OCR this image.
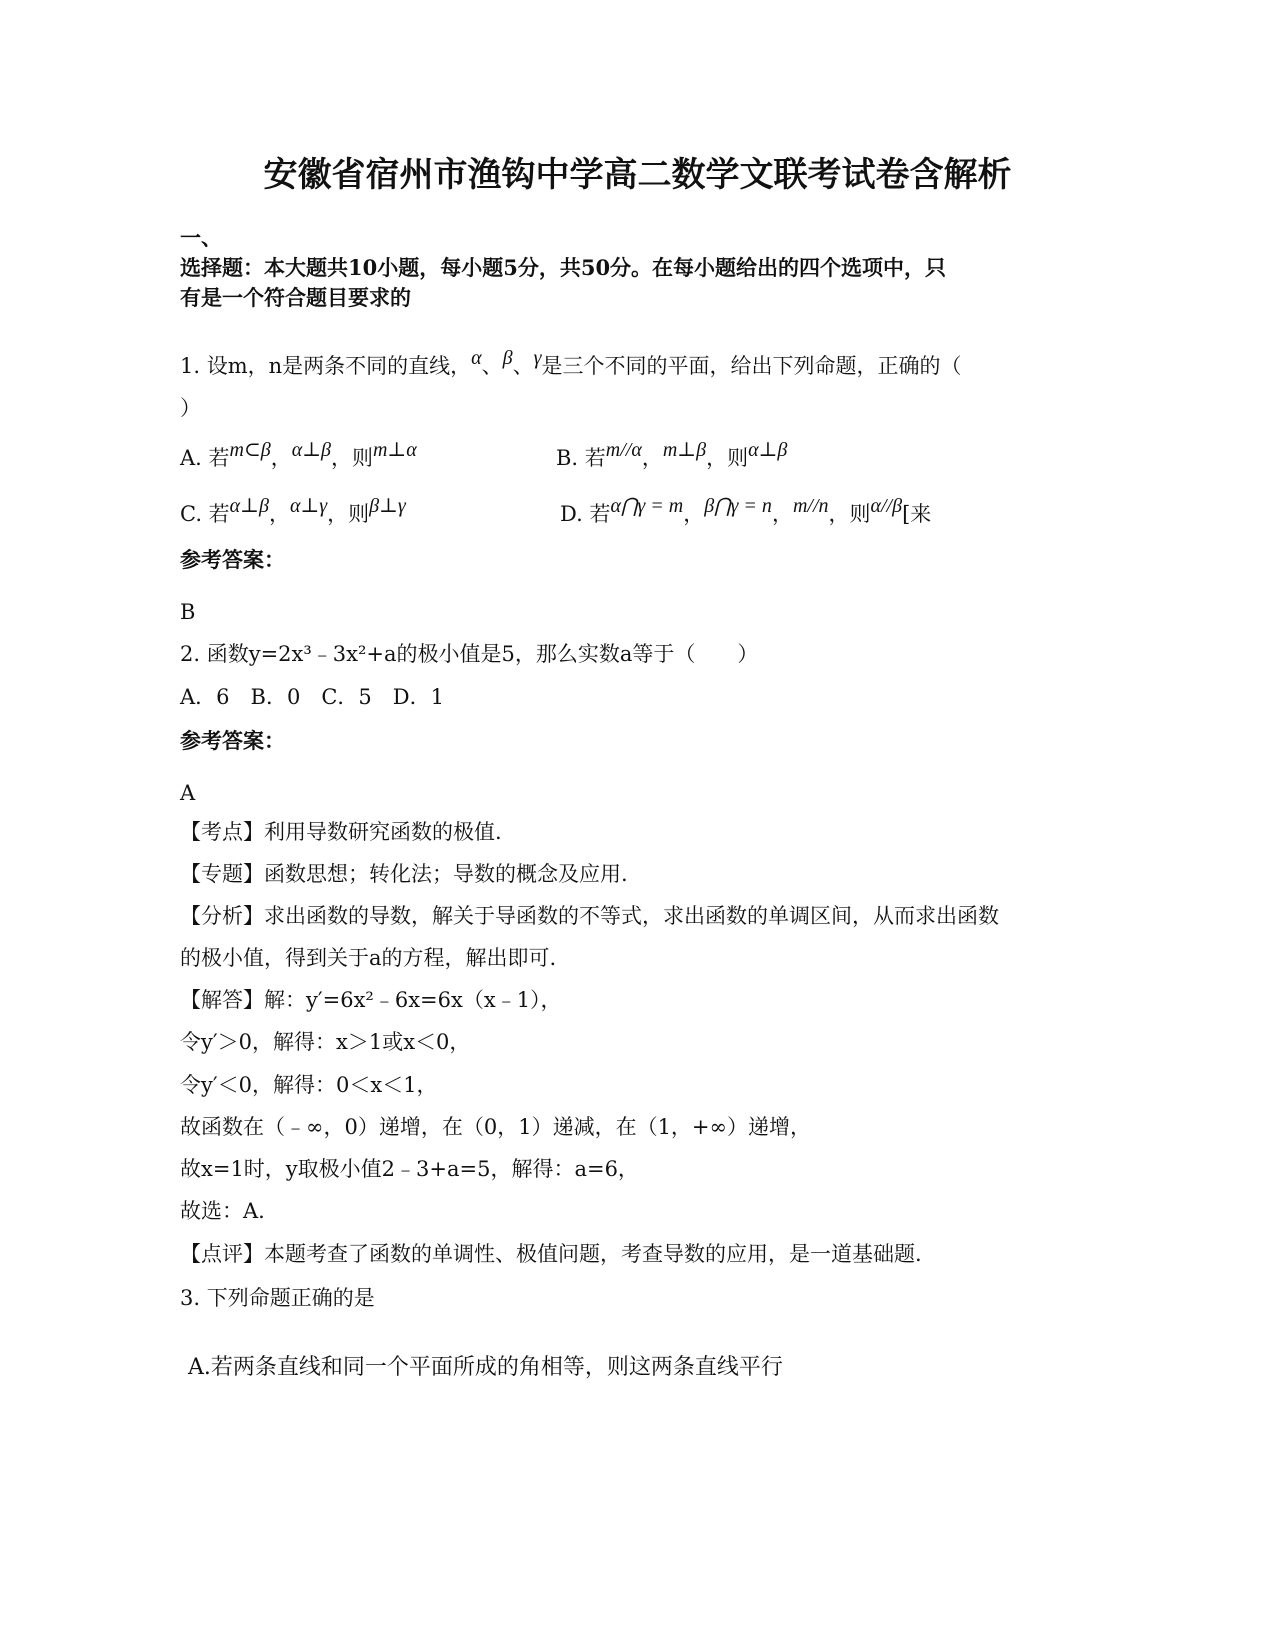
安徽省宿州市渔钩中学高二数学文联考试卷含解析
一、
选择题：本大题共10小题，每小题5分，共50分。在每小题给出的四个选项中，只
有是一个符合题目要求的
1. 设m，n是两条不同的直线，α、β、γ是三个不同的平面，给出下列命题，正确的（
）
A. 若m⊂β，α⊥β，则m⊥α	B. 若m//α，m⊥β，则α⊥β
C. 若α⊥β，α⊥γ，则β⊥γ	D. 若α⋂γ = m，β⋂γ = n，m//n，则α//β[来
参考答案：
B
2. 函数y=2x³﹣3x²+a的极小值是5，那么实数a等于（　　）
A．6　B．0　C．5　D．1
参考答案：
A
【考点】利用导数研究函数的极值.
【专题】函数思想；转化法；导数的概念及应用.
【分析】求出函数的导数，解关于导函数的不等式，求出函数的单调区间，从而求出函数
的极小值，得到关于a的方程，解出即可.
【解答】解：y′=6x²﹣6x=6x（x﹣1），
令y′＞0，解得：x＞1或x＜0，
令y′＜0，解得：0＜x＜1，
故函数在（﹣∞，0）递增，在（0，1）递减，在（1，+∞）递增，
故x=1时，y取极小值2﹣3+a=5，解得：a=6，
故选：A.
【点评】本题考查了函数的单调性、极值问题，考查导数的应用，是一道基础题.
3. 下列命题正确的是
A.若两条直线和同一个平面所成的角相等，则这两条直线平行
